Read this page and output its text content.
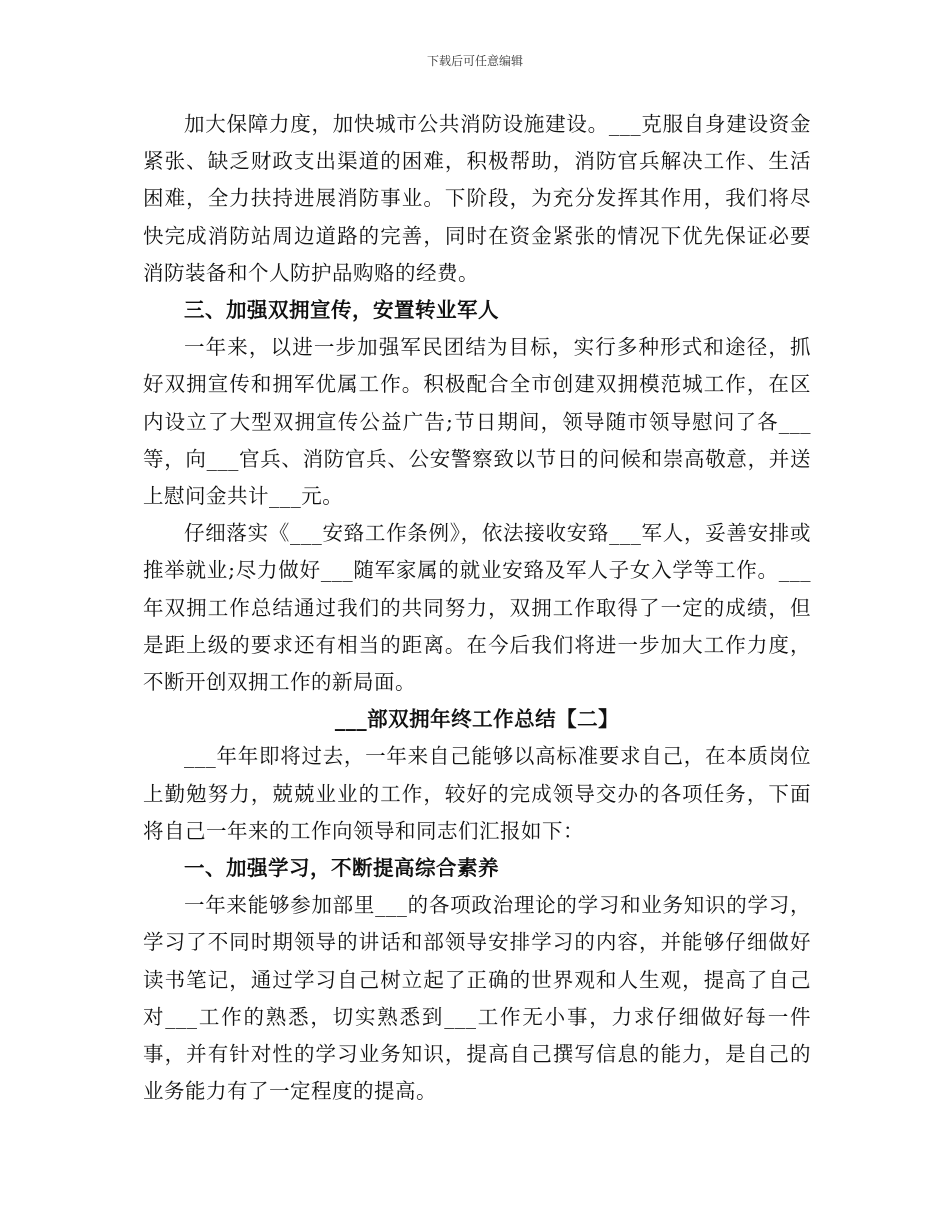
下载后可任意编辑

加大保障力度，加快城市公共消防设施建设。___克服自身建设资金紧张、缺乏财政支出渠道的困难，积极帮助，消防官兵解决工作、生活困难，全力扶持进展消防事业。下阶段，为充分发挥其作用，我们将尽快完成消防站周边道路的完善，同时在资金紧张的情况下优先保证必要消防装备和个人防护品购赂的经费。

三、加强双拥宣传，安置转业军人

一年来，以进一步加强军民团结为目标，实行多种形式和途径，抓好双拥宣传和拥军优属工作。积极配合全市创建双拥模范城工作，在区内设立了大型双拥宣传公益广告;节日期间，领导随市领导慰问了各___等，向___官兵、消防官兵、公安警察致以节日的问候和崇高敬意，并送上慰问金共计___元。

仔细落实《___安臵工作条例》，依法接收安臵___军人，妥善安排或推举就业;尽力做好___随军家属的就业安臵及军人子女入学等工作。___年双拥工作总结通过我们的共同努力，双拥工作取得了一定的成绩，但是距上级的要求还有相当的距离。在今后我们将进一步加大工作力度，不断开创双拥工作的新局面。

___部双拥年终工作总结【二】

___年年即将过去，一年来自己能够以高标准要求自己，在本质岗位上勤勉努力，兢兢业业的工作，较好的完成领导交办的各项任务，下面将自己一年来的工作向领导和同志们汇报如下：

一、加强学习，不断提高综合素养

一年来能够参加部里___的各项政治理论的学习和业务知识的学习，学习了不同时期领导的讲话和部领导安排学习的内容，并能够仔细做好读书笔记，通过学习自己树立起了正确的世界观和人生观，提高了自己对___工作的熟悉，切实熟悉到___工作无小事，力求仔细做好每一件事，并有针对性的学习业务知识，提高自己撰写信息的能力，是自己的业务能力有了一定程度的提高。
